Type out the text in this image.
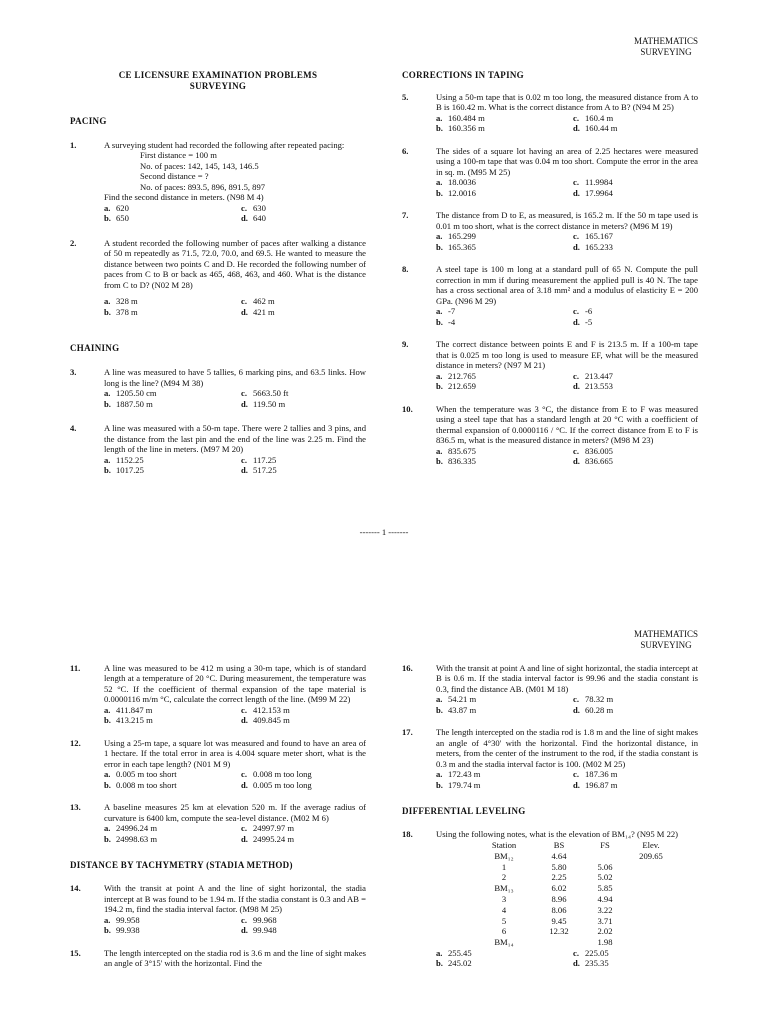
MATHEMATICS
SURVEYING
CE LICENSURE EXAMINATION PROBLEMS
SURVEYING
PACING
1.	A surveying student had recorded the following after repeated pacing:
First distance = 100 m
No. of paces: 142, 145, 143, 146.5
Second distance = ?
No. of paces: 893.5, 896, 891.5, 897
Find the second distance in meters. (N98 M 4)
a. 620	c. 630
b. 650	d. 640
2.	A student recorded the following number of paces after walking a distance of 50 m repeatedly as 71.5, 72.0, 70.0, and 69.5. He wanted to measure the distance between two points C and D. He recorded the following number of paces from C to B or back as 465, 468, 463, and 460. What is the distance from C to D? (N02 M 28)
a. 328 m	c. 462 m
b. 378 m	d. 421 m
CHAINING
3.	A line was measured to have 5 tallies, 6 marking pins, and 63.5 links. How long is the line? (M94 M 38)
a. 1205.50 cm	c. 5663.50 ft
b. 1887.50 m	d. 119.50 m
4.	A line was measured with a 50-m tape. There were 2 tallies and 3 pins, and the distance from the last pin and the end of the line was 2.25 m. Find the length of the line in meters. (M97 M 20)
a. 1152.25	c. 117.25
b. 1017.25	d. 517.25
CORRECTIONS IN TAPING
5.	Using a 50-m tape that is 0.02 m too long, the measured distance from A to B is 160.42 m. What is the correct distance from A to B? (N94 M 25)
a. 160.484 m	c. 160.4 m
b. 160.356 m	d. 160.44 m
6.	The sides of a square lot having an area of 2.25 hectares were measured using a 100-m tape that was 0.04 m too short. Compute the error in the area in sq. m. (M95 M 25)
a. 18.0036	c. 11.9984
b. 12.0016	d. 17.9964
7.	The distance from D to E, as measured, is 165.2 m. If the 50 m tape used is 0.01 m too short, what is the correct distance in meters? (M96 M 19)
a. 165.299	c. 165.167
b. 165.365	d. 165.233
8.	A steel tape is 100 m long at a standard pull of 65 N. Compute the pull correction in mm if during measurement the applied pull is 40 N. The tape has a cross sectional area of 3.18 mm² and a modulus of elasticity E = 200 GPa. (N96 M 29)
a. -7	c. -6
b. -4	d. -5
9.	The correct distance between points E and F is 213.5 m. If a 100-m tape that is 0.025 m too long is used to measure EF, what will be the measured distance in meters? (N97 M 21)
a. 212.765	c. 213.447
b. 212.659	d. 213.553
10.	When the temperature was 3 °C, the distance from E to F was measured using a steel tape that has a standard length at 20 °C with a coefficient of thermal expansion of 0.0000116 / °C. If the correct distance from E to F is 836.5 m, what is the measured distance in meters? (M98 M 23)
a. 835.675	c. 836.005
b. 836.335	d. 836.665
------- 1 -------
MATHEMATICS
SURVEYING
11.	A line was measured to be 412 m using a 30-m tape, which is of standard length at a temperature of 20 °C. During measurement, the temperature was 52 °C. If the coefficient of thermal expansion of the tape material is 0.0000116 m/m °C, calculate the correct length of the line. (M99 M 22)
a. 411.847 m	c. 412.153 m
b. 413.215 m	d. 409.845 m
12.	Using a 25-m tape, a square lot was measured and found to have an area of 1 hectare. If the total error in area is 4.004 square meter short, what is the error in each tape length? (N01 M 9)
a. 0.005 m too short	c. 0.008 m too long
b. 0.008 m too short	d. 0.005 m too long
13.	A baseline measures 25 km at elevation 520 m. If the average radius of curvature is 6400 km, compute the sea-level distance. (M02 M 6)
a. 24996.24 m	c. 24997.97 m
b. 24998.63 m	d. 24995.24 m
DISTANCE BY TACHYMETRY (STADIA METHOD)
14.	With the transit at point A and the line of sight horizontal, the stadia intercept at B was found to be 1.94 m. If the stadia constant is 0.3 and AB = 194.2 m, find the stadia interval factor. (M98 M 25)
a. 99.958	c. 99.968
b. 99.938	d. 99.948
15.	The length intercepted on the stadia rod is 3.6 m and the line of sight makes an angle of 3°15' with the horizontal. Find the
16.	With the transit at point A and line of sight horizontal, the stadia intercept at B is 0.6 m. If the stadia interval factor is 99.96 and the stadia constant is 0.3, find the distance AB. (M01 M 18)
a. 54.21 m	c. 78.32 m
b. 43.87 m	d. 60.28 m
17.	The length intercepted on the stadia rod is 1.8 m and the line of sight makes an angle of 4°30' with the horizontal. Find the horizontal distance, in meters, from the center of the instrument to the rod, if the stadia constant is 0.3 m and the stadia interval factor is 100. (M02 M 25)
a. 172.43 m	c. 187.36 m
b. 179.74 m	d. 196.87 m
DIFFERENTIAL LEVELING
18.	Using the following notes, what is the elevation of BM₁₄? (N95 M 22)
Station	BS	FS	Elev.
BM₁₂	4.64		209.65
1	5.80	5.06	
2	2.25	5.02	
BM₁₃	6.02	5.85	
3	8.96	4.94	
4	8.06	3.22	
5	9.45	3.71	
6	12.32	2.02	
BM₁₄		1.98	
a. 255.45	c. 225.05
b. 245.02	d. 235.35
